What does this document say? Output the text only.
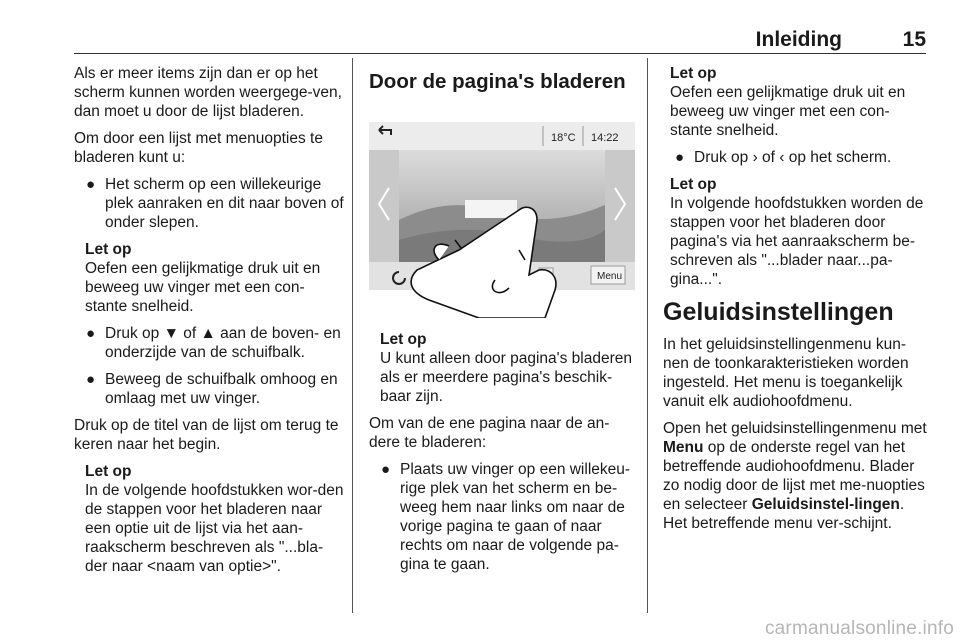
Inleiding	15

Als er meer items zijn dan er op het scherm kunnen worden weergege-ven, dan moet u door de lijst bladeren.

Om door een lijst met menuopties te bladeren kunt u:

● Het scherm op een willekeurige plek aanraken en dit naar boven of onder slepen.
Let op
Oefen een gelijkmatige druk uit en beweeg uw vinger met een con-stante snelheid.
● Druk op ▼ of ▲ aan de boven- en onderzijde van de schuifbalk.
● Beweeg de schuifbalk omhoog en omlaag met uw vinger.

Druk op de titel van de lijst om terug te keren naar het begin.

Let op
In de volgende hoofdstukken wor-den de stappen voor het bladeren naar een optie uit de lijst via het aan-raakscherm beschreven als "...bla-der naar <naam van optie>".
Door de pagina's bladeren
18°C 14:22
Menu
Let op
U kunt alleen door pagina's bladeren als er meerdere pagina's beschik-baar zijn.

Om van de ene pagina naar de an-dere te bladeren:

● Plaats uw vinger op een willekeu-rige plek van het scherm en be-weeg hem naar links om naar de vorige pagina te gaan of naar rechts om naar de volgende pa-gina te gaan.
Let op
Oefen een gelijkmatige druk uit en beweeg uw vinger met een con-stante snelheid.
● Druk op › of ‹ op het scherm.
Let op
In volgende hoofdstukken worden de stappen voor het bladeren door pagina's via het aanraakscherm be-schreven als "...blader naar...pa-gina...".
Geluidsinstellingen

In het geluidsinstellingenmenu kun-nen de toonkarakteristieken worden ingesteld. Het menu is toegankelijk vanuit elk audiohoofdmenu.

Open het geluidsinstellingenmenu met Menu op de onderste regel van het betreffende audiohoofdmenu. Blader zo nodig door de lijst met me-nuopties en selecteer Geluidsinstel-lingen. Het betreffende menu ver-schijnt.

carmanualsonline.info
